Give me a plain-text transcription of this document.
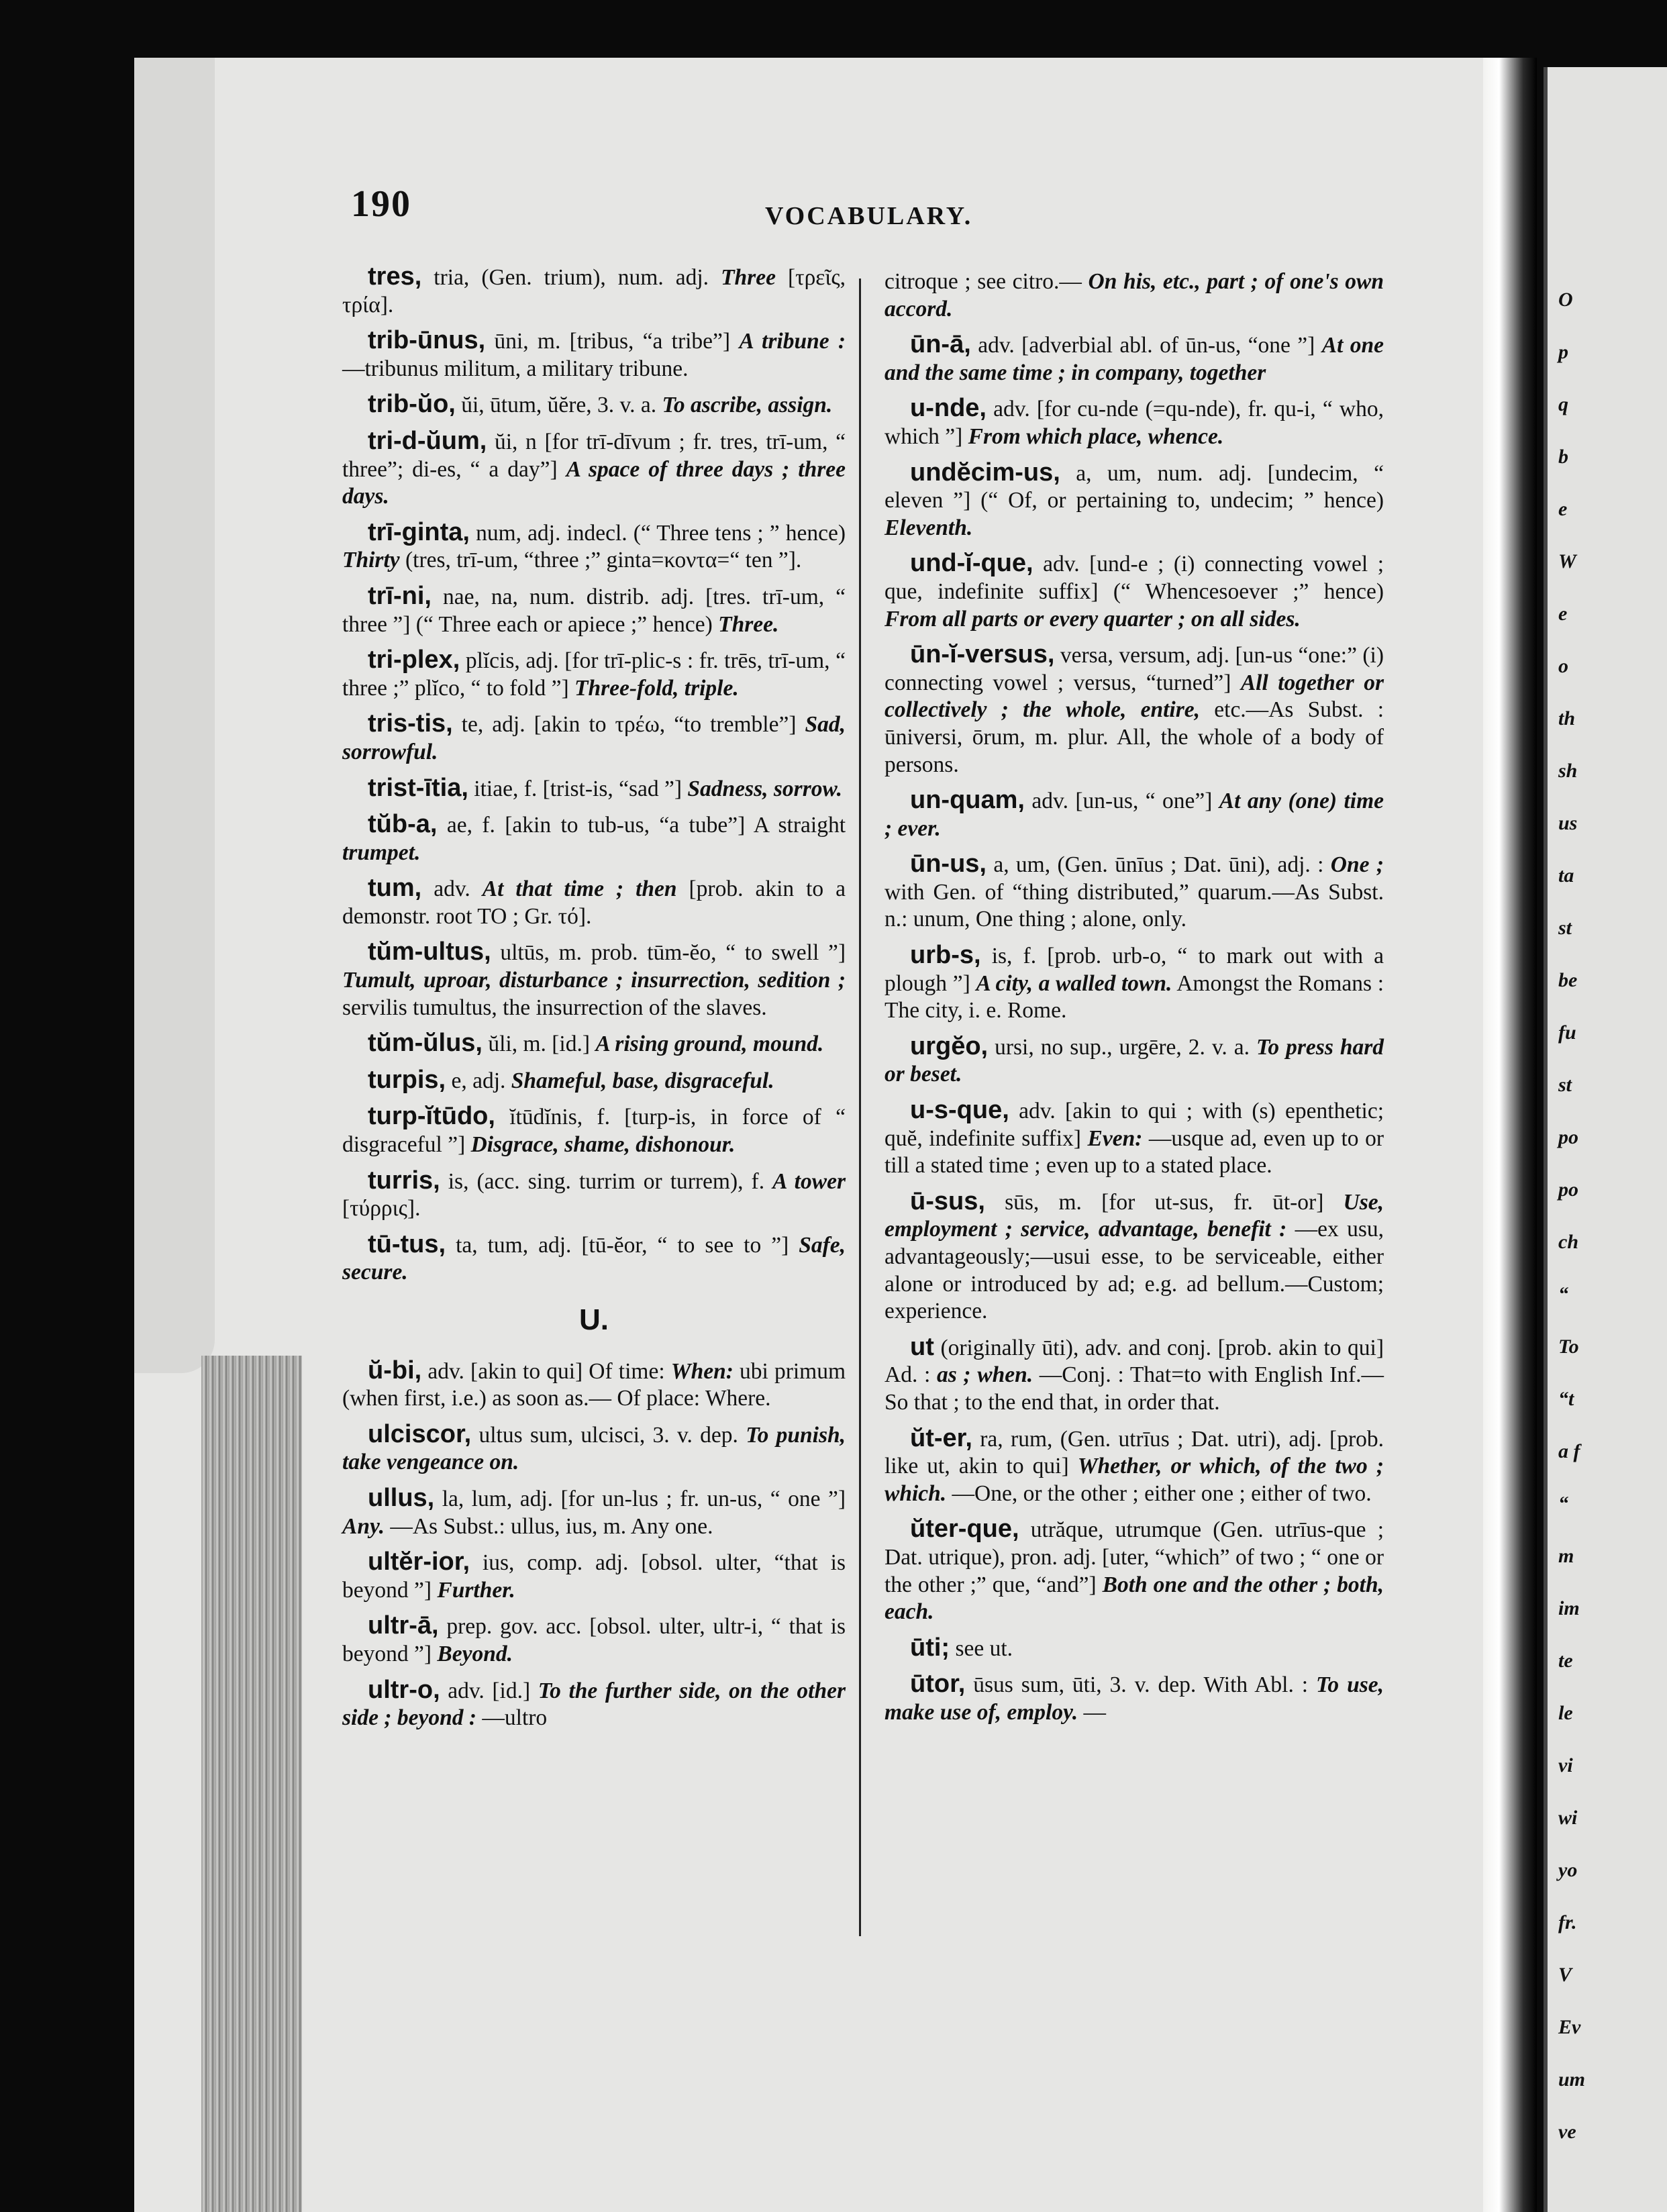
O
p
q
b
e
W
e
o
th
sh
us
ta
st
be
fu
st
po
po
ch
“
To
“t
a f
“
m
im
te
le
vi
wi
yo
fr.
V
Ev
um
ve
190	VOCABULARY.

tres, tria, (Gen. trium), num. adj. Three [τρεῖς, τρία].

trib-ūnus, ūni, m. [tribus, “a tribe”] A tribune : —tribunus militum, a military tribune.

trib-ŭo, ŭi, ūtum, ŭĕre, 3. v. a. To ascribe, assign.

tri-d-ŭum, ŭi, n [for trī-dīvum ; fr. tres, trī-um, “ three”; di-es, “ a day”] A space of three days ; three days.

trī-ginta, num, adj. indecl. (“ Three tens ; ” hence) Thirty (tres, trī-um, “three ;” ginta=κοντα=“ ten ”].

trī-ni, nae, na, num. distrib. adj. [tres. trī-um, “ three ”] (“ Three each or apiece ;” hence) Three.

tri-plex, plĭcis, adj. [for trī-plic-s : fr. trēs, trī-um, “ three ;” plĭco, “ to fold ”] Three-fold, triple.

tris-tis, te, adj. [akin to τρέω, “to tremble”] Sad, sorrowful.

trist-ītia, itiae, f. [trist-is, “sad ”] Sadness, sorrow.

tŭb-a, ae, f. [akin to tub-us, “a tube”] A straight trumpet.

tum, adv. At that time ; then [prob. akin to a demonstr. root TO ; Gr. τό].

tŭm-ultus, ultūs, m. prob. tūm-ĕo, “ to swell ”] Tumult, uproar, disturbance ; insurrection, sedition ; servilis tumultus, the insurrection of the slaves.

tŭm-ŭlus, ŭli, m. [id.] A rising ground, mound.

turpis, e, adj. Shameful, base, disgraceful.

turp-ĭtūdo, ĭtūdĭnis, f. [turp-is, in force of “ disgraceful ”] Disgrace, shame, dishonour.

turris, is, (acc. sing. turrim or turrem), f. A tower [τύρρις].

tū-tus, ta, tum, adj. [tū-ĕor, “ to see to ”] Safe, secure.

U.

ŭ-bi, adv. [akin to qui] Of time: When: ubi primum (when first, i.e.) as soon as.— Of place: Where.

ulciscor, ultus sum, ulcisci, 3. v. dep. To punish, take vengeance on.

ullus, la, lum, adj. [for un-lus ; fr. un-us, “ one ”] Any. —As Subst.: ullus, ius, m. Any one.

ultĕr-ior, ius, comp. adj. [obsol. ulter, “that is beyond ”] Further.

ultr-ā, prep. gov. acc. [obsol. ulter, ultr-i, “ that is beyond ”] Beyond.

ultr-o, adv. [id.] To the further side, on the other side ; beyond : —ultro

citroque ; see citro.— On his, etc., part ; of one's own accord.

ūn-ā, adv. [adverbial abl. of ūn-us, “one ”] At one and the same time ; in company, together

u-nde, adv. [for cu-nde (=qu-nde), fr. qu-i, “ who, which ”] From which place, whence.

undĕcim-us, a, um, num. adj. [undecim, “ eleven ”] (“ Of, or pertaining to, undecim; ” hence) Eleventh.

und-ĭ-que, adv. [und-e ; (i) connecting vowel ; que, indefinite suffix] (“ Whencesoever ;” hence) From all parts or every quarter ; on all sides.

ūn-ĭ-versus, versa, versum, adj. [un-us “one:” (i) connecting vowel ; versus, “turned”] All together or collectively ; the whole, entire, etc.—As Subst. : ūniversi, ōrum, m. plur. All, the whole of a body of persons.

un-quam, adv. [un-us, “ one”] At any (one) time ; ever.

ūn-us, a, um, (Gen. ūnīus ; Dat. ūni), adj. : One ; with Gen. of “thing distributed,” quarum.—As Subst. n.: unum, One thing ; alone, only.

urb-s, is, f. [prob. urb-o, “ to mark out with a plough ”] A city, a walled town. Amongst the Romans : The city, i. e. Rome.

urgĕo, ursi, no sup., urgēre, 2. v. a. To press hard or beset.

u-s-que, adv. [akin to qui ; with (s) epenthetic; quĕ, indefinite suffix] Even: —usque ad, even up to or till a stated time ; even up to a stated place.

ū-sus, sūs, m. [for ut-sus, fr. ūt-or] Use, employment ; service, advantage, benefit : —ex usu, advantageously;—usui esse, to be serviceable, either alone or introduced by ad; e.g. ad bellum.—Custom; experience.

ut (originally ūti), adv. and conj. [prob. akin to qui] Ad. : as ; when. —Conj. : That=to with English Inf.—So that ; to the end that, in order that.

ŭt-er, ra, rum, (Gen. utrīus ; Dat. utri), adj. [prob. like ut, akin to qui] Whether, or which, of the two ; which. —One, or the other ; either one ; either of two.

ŭter-que, utrăque, utrumque (Gen. utrīus-que ; Dat. utrique), pron. adj. [uter, “which” of two ; “ one or the other ;” que, “and”] Both one and the other ; both, each.

ūti; see ut.

ūtor, ūsus sum, ūti, 3. v. dep. With Abl. : To use, make use of, employ. —
